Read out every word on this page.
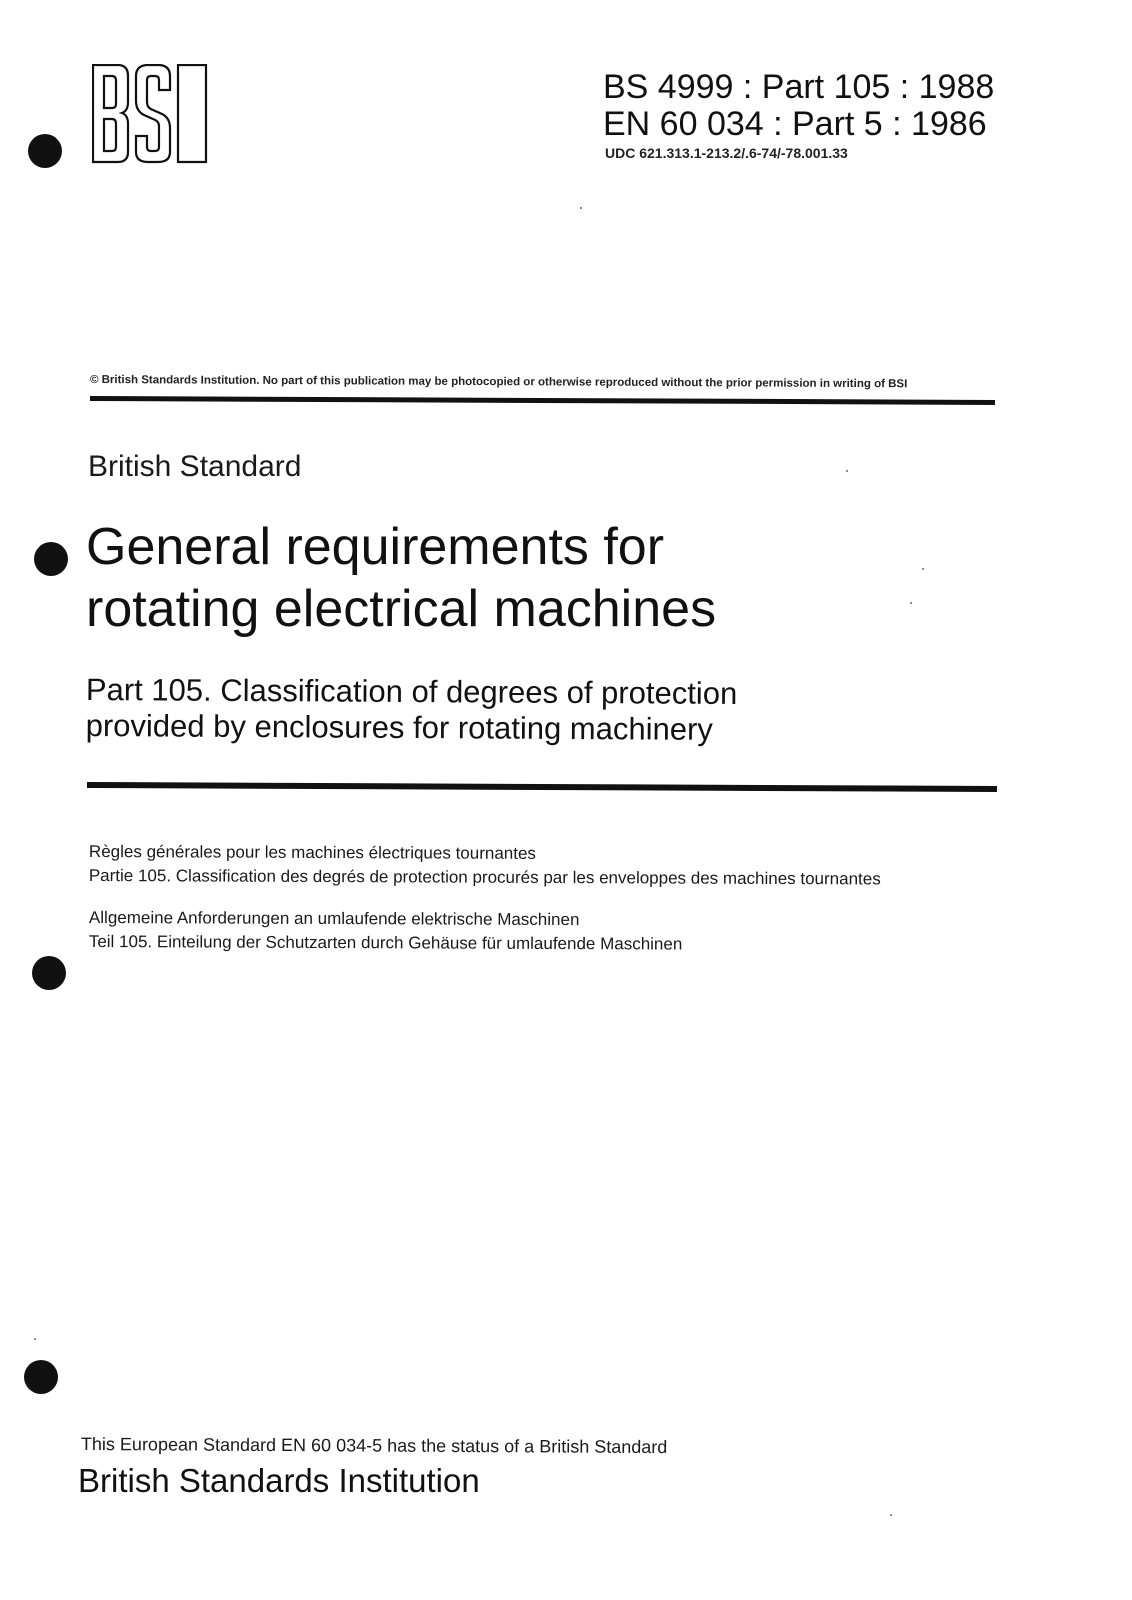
BS 4999 : Part 105 : 1988
EN 60 034 : Part 5 : 1986
UDC 621.313.1-213.2/.6-74/-78.001.33
© British Standards Institution. No part of this publication may be photocopied or otherwise reproduced without the prior permission in writing of BSI
British Standard
General requirements for
rotating electrical machines
Part 105. Classification of degrees of protection
provided by enclosures for rotating machinery
Règles générales pour les machines électriques tournantes
Partie 105. Classification des degrés de protection procurés par les enveloppes des machines tournantes
Allgemeine Anforderungen an umlaufende elektrische Maschinen
Teil 105. Einteilung der Schutzarten durch Gehäuse für umlaufende Maschinen
This European Standard EN 60 034-5 has the status of a British Standard
British Standards Institution
